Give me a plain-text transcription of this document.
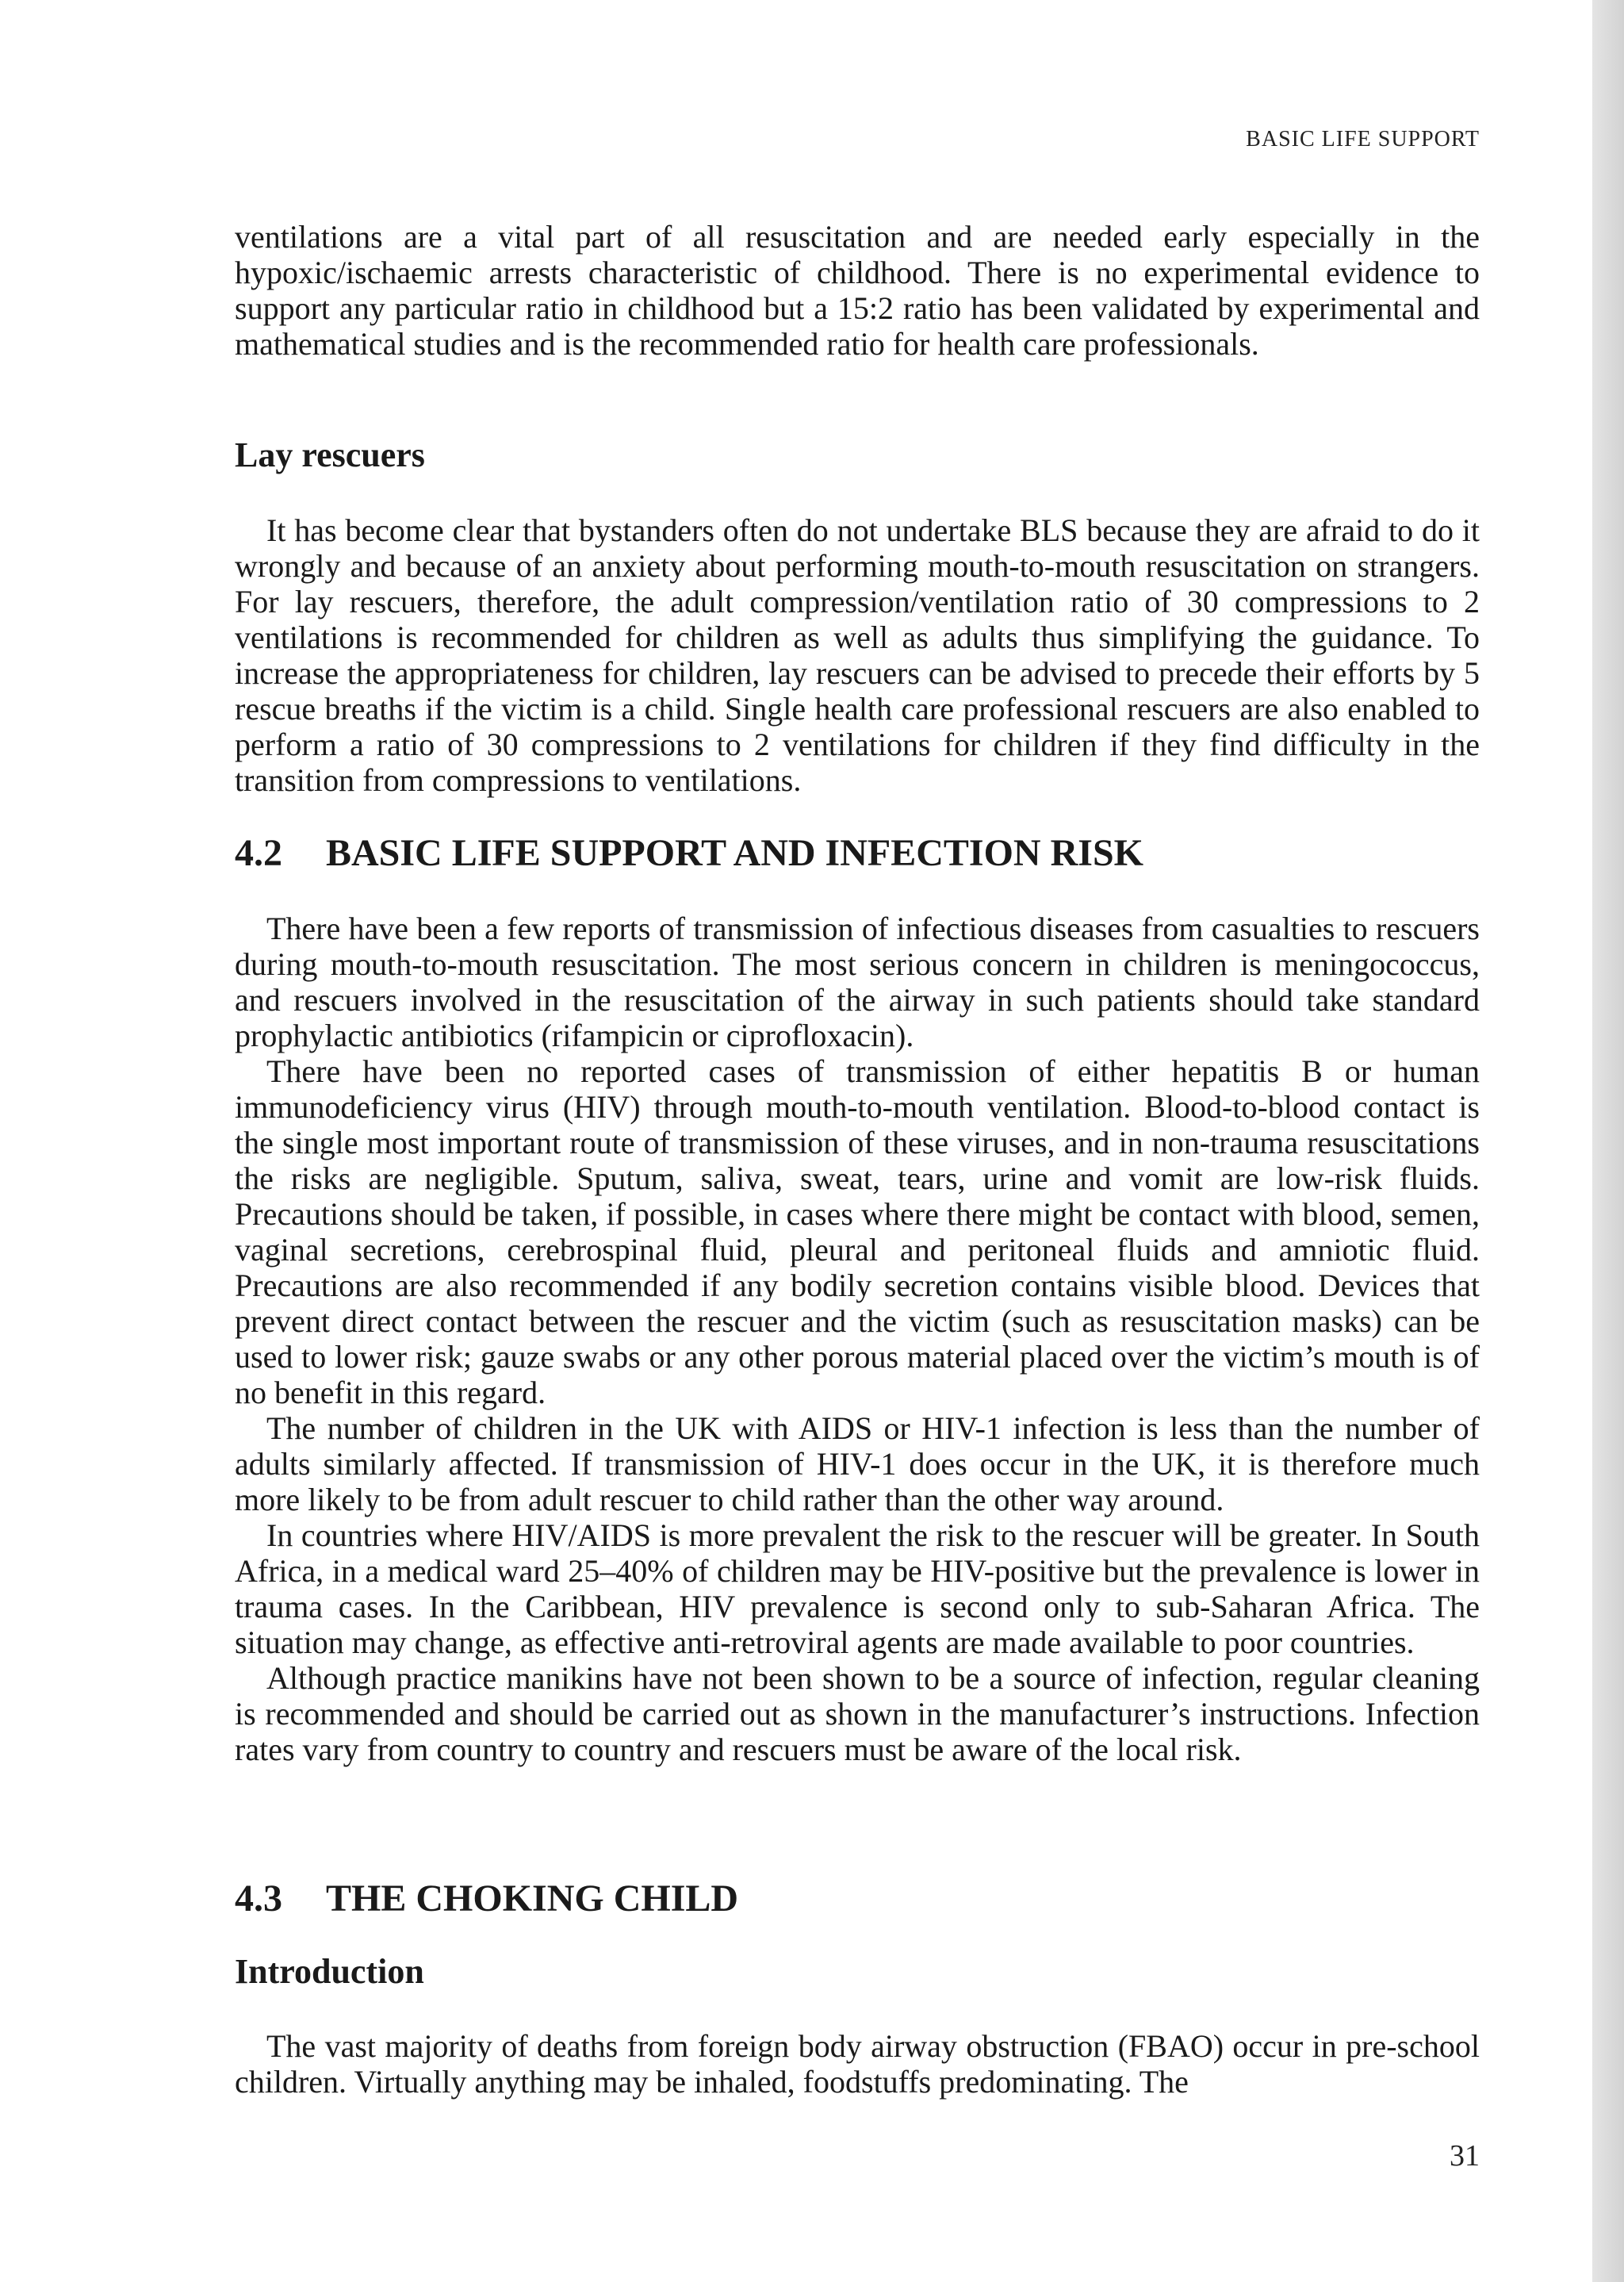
BASIC LIFE SUPPORT

ventilations are a vital part of all resuscitation and are needed early especially in the hypoxic/ischaemic arrests characteristic of childhood. There is no experimental evidence to support any particular ratio in childhood but a 15:2 ratio has been validated by experimental and mathematical studies and is the recommended ratio for health care professionals.

Lay rescuers

It has become clear that bystanders often do not undertake BLS because they are afraid to do it wrongly and because of an anxiety about performing mouth-to-mouth resuscitation on strangers. For lay rescuers, therefore, the adult compression/ventilation ratio of 30 compressions to 2 ventilations is recommended for children as well as adults thus simplifying the guidance. To increase the appropriateness for children, lay rescuers can be advised to precede their efforts by 5 rescue breaths if the victim is a child. Single health care professional rescuers are also enabled to perform a ratio of 30 compressions to 2 ventilations for children if they find difficulty in the transition from compressions to ventilations.

4.2	BASIC LIFE SUPPORT AND INFECTION RISK

There have been a few reports of transmission of infectious diseases from casualties to rescuers during mouth-to-mouth resuscitation. The most serious concern in children is meningococcus, and rescuers involved in the resuscitation of the airway in such patients should take standard prophylactic antibiotics (rifampicin or ciprofloxacin).

There have been no reported cases of transmission of either hepatitis B or human immunodeficiency virus (HIV) through mouth-to-mouth ventilation. Blood-to-blood contact is the single most important route of transmission of these viruses, and in non-trauma resuscitations the risks are negligible. Sputum, saliva, sweat, tears, urine and vomit are low-risk fluids. Precautions should be taken, if possible, in cases where there might be contact with blood, semen, vaginal secretions, cerebrospinal fluid, pleural and peritoneal fluids and amniotic fluid. Precautions are also recommended if any bodily secretion contains visible blood. Devices that prevent direct contact between the rescuer and the victim (such as resuscitation masks) can be used to lower risk; gauze swabs or any other porous material placed over the victim’s mouth is of no benefit in this regard.

The number of children in the UK with AIDS or HIV-1 infection is less than the number of adults similarly affected. If transmission of HIV-1 does occur in the UK, it is therefore much more likely to be from adult rescuer to child rather than the other way around.

In countries where HIV/AIDS is more prevalent the risk to the rescuer will be greater. In South Africa, in a medical ward 25–40% of children may be HIV-positive but the prevalence is lower in trauma cases. In the Caribbean, HIV prevalence is second only to sub-Saharan Africa. The situation may change, as effective anti-retroviral agents are made available to poor countries.

Although practice manikins have not been shown to be a source of infection, regular cleaning is recommended and should be carried out as shown in the manufacturer’s instructions. Infection rates vary from country to country and rescuers must be aware of the local risk.

4.3	THE CHOKING CHILD
Introduction

The vast majority of deaths from foreign body airway obstruction (FBAO) occur in pre-school children. Virtually anything may be inhaled, foodstuffs predominating. The

31
